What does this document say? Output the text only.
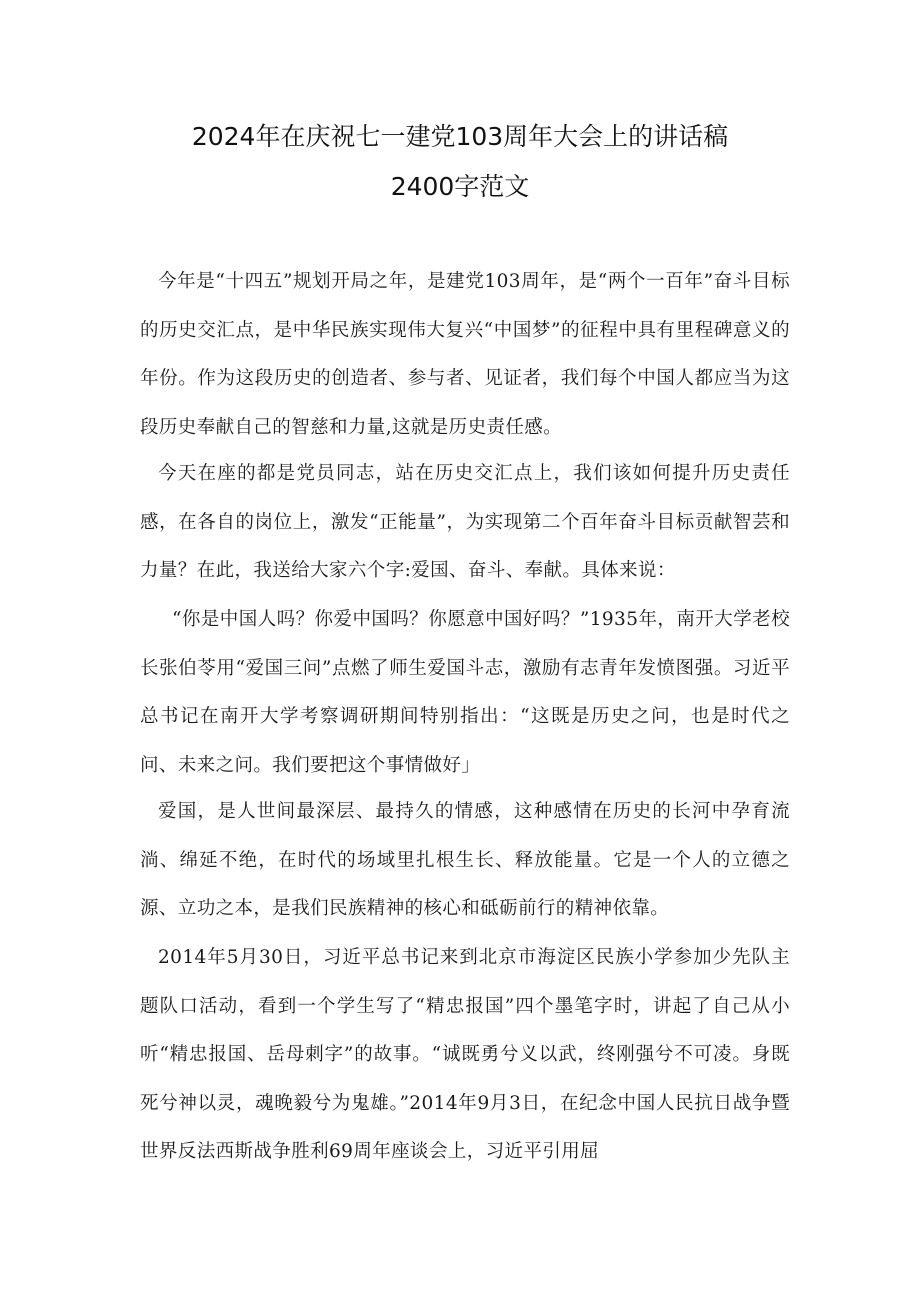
2024年在庆祝七一建党103周年大会上的讲话稿
2400字范文

今年是“十四五”规划开局之年，是建党103周年，是“两个一百年”奋斗目标的历史交汇点，是中华民族实现伟大复兴“中国梦”的征程中具有里程碑意义的年份。作为这段历史的创造者、参与者、见证者，我们每个中国人都应当为这段历史奉献自己的智慈和力量,这就是历史责任感。

今天在座的都是党员同志，站在历史交汇点上，我们该如何提升历史责任感，在各自的岗位上，激发“正能量”，为实现第二个百年奋斗目标贡献智芸和力量？在此，我送给大家六个字:爱国、奋斗、奉献。具体来说：

“你是中国人吗？你爱中国吗？你愿意中国好吗？”1935年，南开大学老校长张伯苓用“爱国三问”点燃了师生爱国斗志，激励有志青年发愤图强。习近平总书记在南开大学考察调研期间特别指出：“这既是历史之问，也是时代之问、未来之问。我们要把这个事情做好」

爱国，是人世间最深层、最持久的情感，这种感情在历史的长河中孕育流淌、绵延不绝，在时代的场域里扎根生长、释放能量。它是一个人的立德之源、立功之本，是我们民族精神的核心和砥砺前行的精神依靠。

2014年5月30日，习近平总书记来到北京市海淀区民族小学参加少先队主题队口活动，看到一个学生写了“精忠报国”四个墨笔字时，讲起了自己从小听“精忠报国、岳母刺字”的故事。“诚既勇兮义以武，终刚强兮不可凌。身既死兮神以灵，魂晚毅兮为鬼雄。”2014年9月3日，在纪念中国人民抗日战争暨世界反法西斯战争胜利69周年座谈会上，习近平引用屈
